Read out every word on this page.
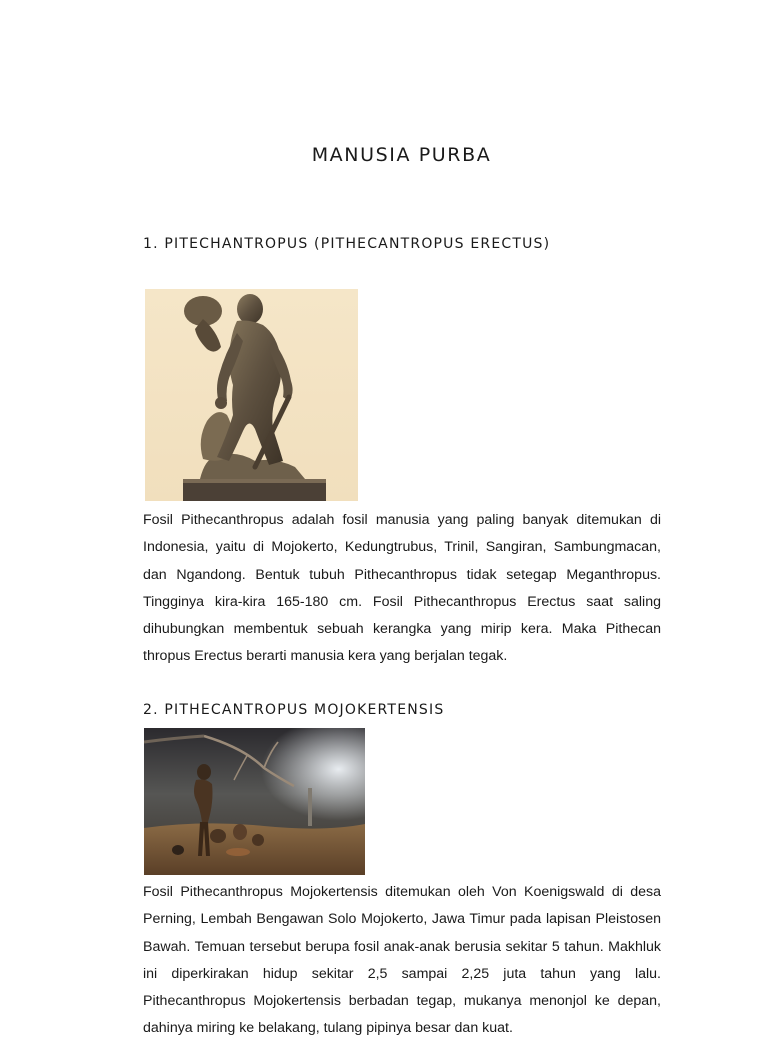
MANUSIA PURBA
1. PITECHANTROPUS (PITHECANTROPUS ERECTUS)

Fosil Pithecanthropus adalah fosil manusia yang paling banyak ditemukan di Indonesia, yaitu di Mojokerto, Kedungtrubus, Trinil, Sangiran, Sambungmacan, dan Ngandong. Bentuk tubuh Pithecanthropus tidak setegap Meganthropus. Tingginya kira-kira 165-180 cm. Fosil Pithecanthropus Erectus saat saling dihubungkan membentuk sebuah kerangka yang mirip kera. Maka Pithecan thropus Erectus berarti manusia kera yang berjalan tegak.

2. PITHECANTROPUS MOJOKERTENSIS

Fosil Pithecanthropus Mojokertensis ditemukan oleh Von Koenigswald di desa Perning, Lembah Bengawan Solo Mojokerto, Jawa Timur pada lapisan Pleistosen Bawah. Temuan tersebut berupa fosil anak-anak berusia sekitar 5 tahun. Makhluk ini diperkirakan hidup sekitar 2,5 sampai 2,25 juta tahun yang lalu. Pithecanthropus Mojokertensis berbadan tegap, mukanya menonjol ke depan, dahinya miring ke belakang, tulang pipinya besar dan kuat.
